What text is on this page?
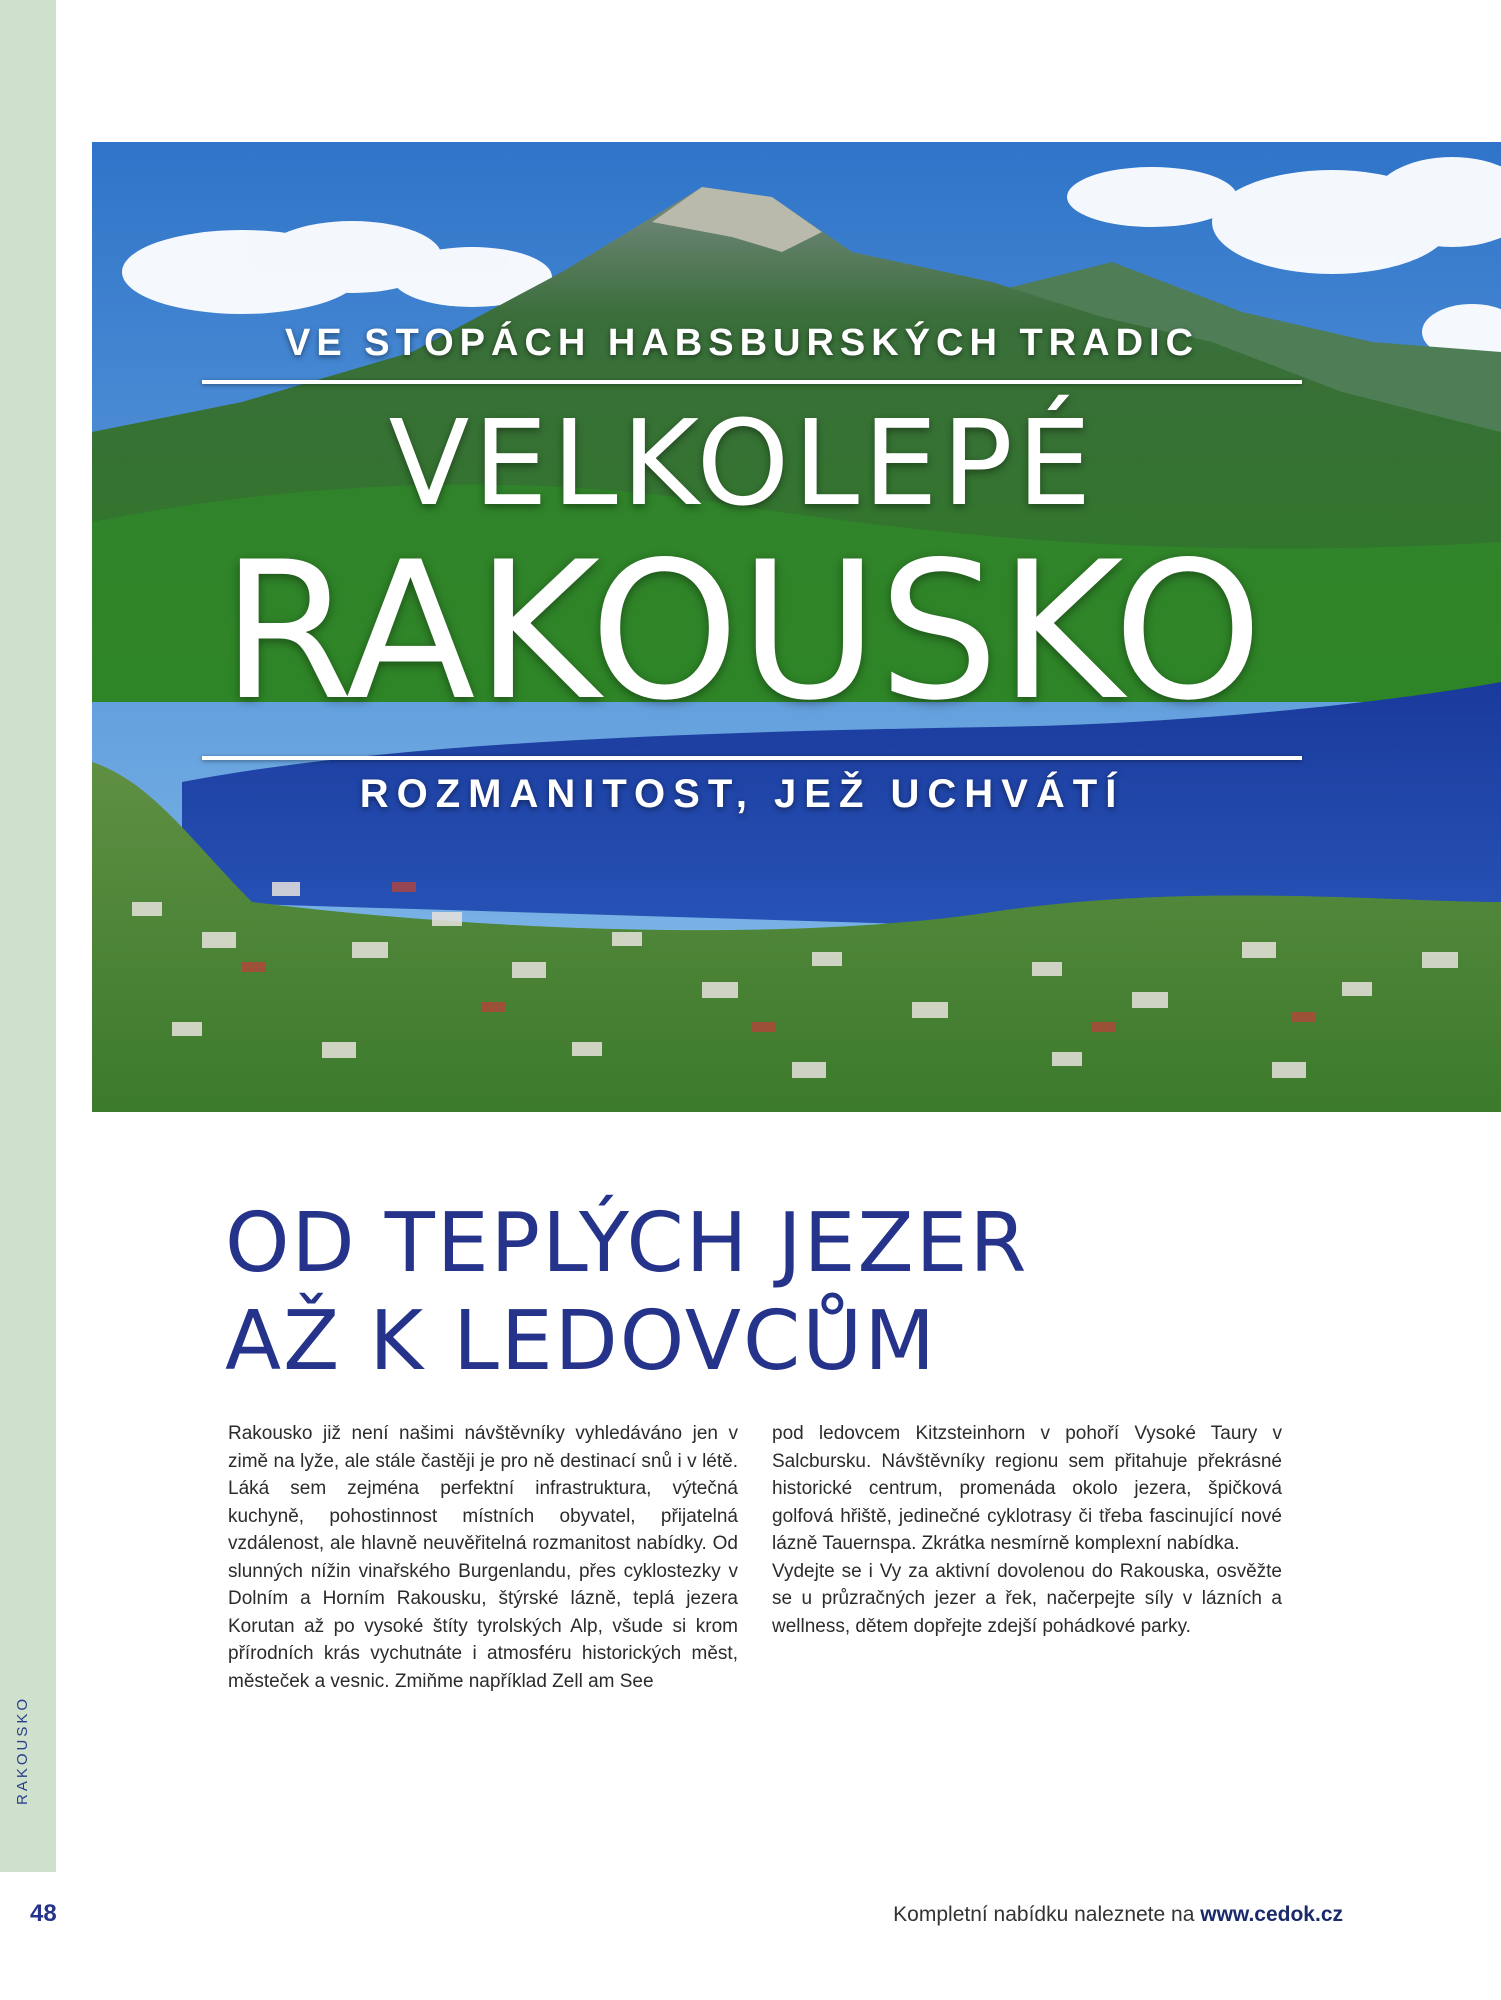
RAKOUSKO
VE STOPÁCH HABSBURSKÝCH TRADIC
VELKOLEPÉ
RAKOUSKO
ROZMANITOST, JEŽ UCHVÁTÍ
OD TEPLÝCH JEZER
AŽ K LEDOVCŮM

Rakousko již není našimi návštěvníky vyhledáváno jen v zimě na lyže, ale stále častěji je pro ně destinací snů i v létě. Láká sem zejména perfektní infrastruktura, výtečná kuchyně, pohostinnost místních obyvatel, přijatelná vzdálenost, ale hlavně neuvěřitelná rozmanitost nabídky. Od slunných nížin vinařského Burgenlandu, přes cyklostezky v Dolním a Horním Rakousku, štýrské lázně, teplá jezera Korutan až po vysoké štíty tyrolských Alp, všude si krom přírodních krás vychutnáte i atmosféru historických měst, městeček a vesnic. Zmiňme například Zell am See

pod ledovcem Kitzsteinhorn v pohoří Vysoké Taury v Salcbursku. Návštěvníky regionu sem přitahuje překrásné historické centrum, promenáda okolo jezera, špičková golfová hřiště, jedinečné cyklotrasy či třeba fascinující nové lázně Tauernspa. Zkrátka nesmírně komplexní nabídka.

Vydejte se i Vy za aktivní dovolenou do Rakouska, osvěžte se u průzračných jezer a řek, načerpejte síly v lázních a wellness, dětem dopřejte zdejší pohádkové parky.

48	Kompletní nabídku naleznete na www.cedok.cz
